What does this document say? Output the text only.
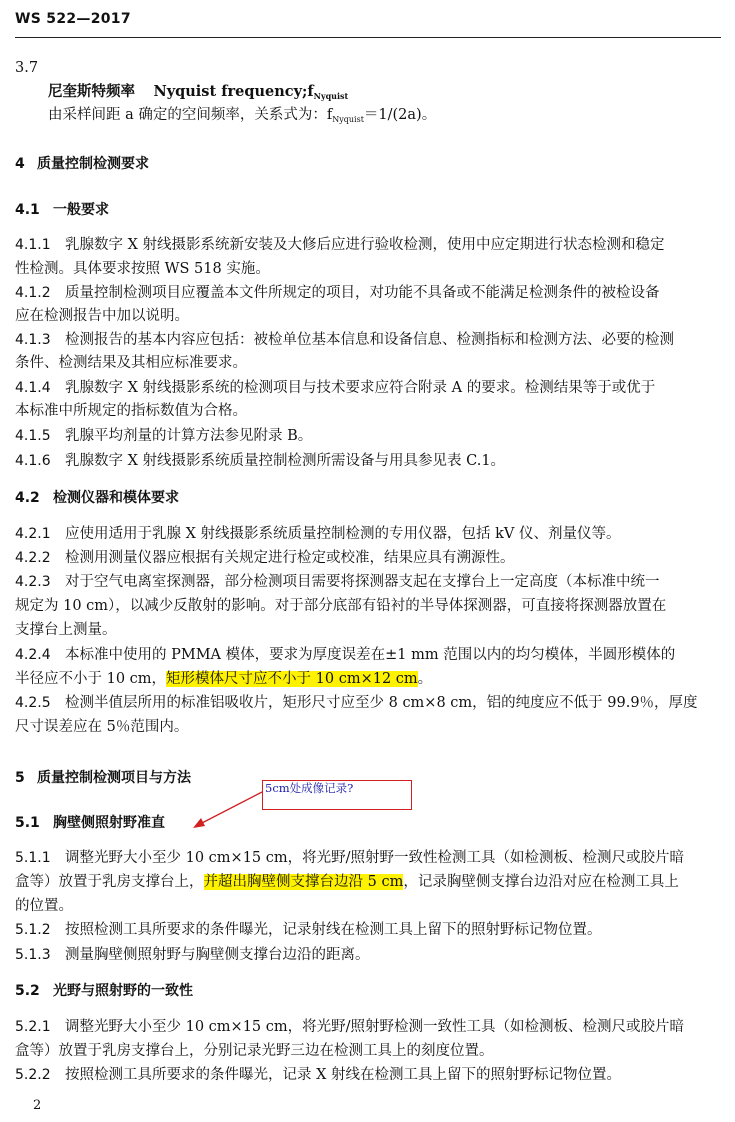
WS 522—2017
3.7
尼奎斯特频率 Nyquist $frequency;f_{Nyquist}$
由采样间距 a 确定的空间频率，关系式为：$f_{Nyquist}=1/(2a)$。
4 质量控制检测要求
4.1 一般要求
4.1.1 乳腺数字 X 射线摄影系统新安装及大修后应进行验收检测，使用中应定期进行状态检测和稳定
性检测。具体要求按照 WS 518 实施。
4.1.2 质量控制检测项目应覆盖本文件所规定的项目，对功能不具备或不能满足检测条件的被检设备
应在检测报告中加以说明。
4.1.3 检测报告的基本内容应包括：被检单位基本信息和设备信息、检测指标和检测方法、必要的检测
条件、检测结果及其相应标准要求。
4.1.4 乳腺数字 X 射线摄影系统的检测项目与技术要求应符合附录 A 的要求。检测结果等于或优于
本标准中所规定的指标数值为合格。
4.1.5 乳腺平均剂量的计算方法参见附录 B。
4.1.6 乳腺数字 X 射线摄影系统质量控制检测所需设备与用具参见表 C.1。
4.2 检测仪器和模体要求
4.2.1 应使用适用于乳腺 X 射线摄影系统质量控制检测的专用仪器，包括 kV 仪、剂量仪等。
4.2.2 检测用测量仪器应根据有关规定进行检定或校准，结果应具有溯源性。
4.2.3 对于空气电离室探测器，部分检测项目需要将探测器支起在支撑台上一定高度（本标准中统一
规定为 10 cm），以减少反散射的影响。对于部分底部有铅衬的半导体探测器，可直接将探测器放置在
支撑台上测量。
4.2.4 本标准中使用的 PMMA 模体，要求为厚度误差在±1 mm 范围以内的均匀模体，半圆形模体的
半径应不小于 10 cm，矩形模体尺寸应不小于 10 cm×12 cm。
4.2.5 检测半值层所用的标准铝吸收片，矩形尺寸应至少 8 cm×8 cm，铝的纯度应不低于 99.9％，厚度
尺寸误差应在 5％范围内。
5 质量控制检测项目与方法
5cm处成像记录?
5.1 胸壁侧照射野准直
5.1.1 调整光野大小至少 10 cm×15 cm，将光野/照射野一致性检测工具（如检测板、检测尺或胶片暗
盒等）放置于乳房支撑台上，并超出胸壁侧支撑台边沿 5 cm，记录胸壁侧支撑台边沿对应在检测工具上
的位置。
5.1.2 按照检测工具所要求的条件曝光，记录射线在检测工具上留下的照射野标记物位置。
5.1.3 测量胸壁侧照射野与胸壁侧支撑台边沿的距离。
5.2 光野与照射野的一致性
5.2.1 调整光野大小至少 10 cm×15 cm，将光野/照射野检测一致性工具（如检测板、检测尺或胶片暗
盒等）放置于乳房支撑台上，分别记录光野三边在检测工具上的刻度位置。
5.2.2 按照检测工具所要求的条件曝光，记录 X 射线在检测工具上留下的照射野标记物位置。
2
